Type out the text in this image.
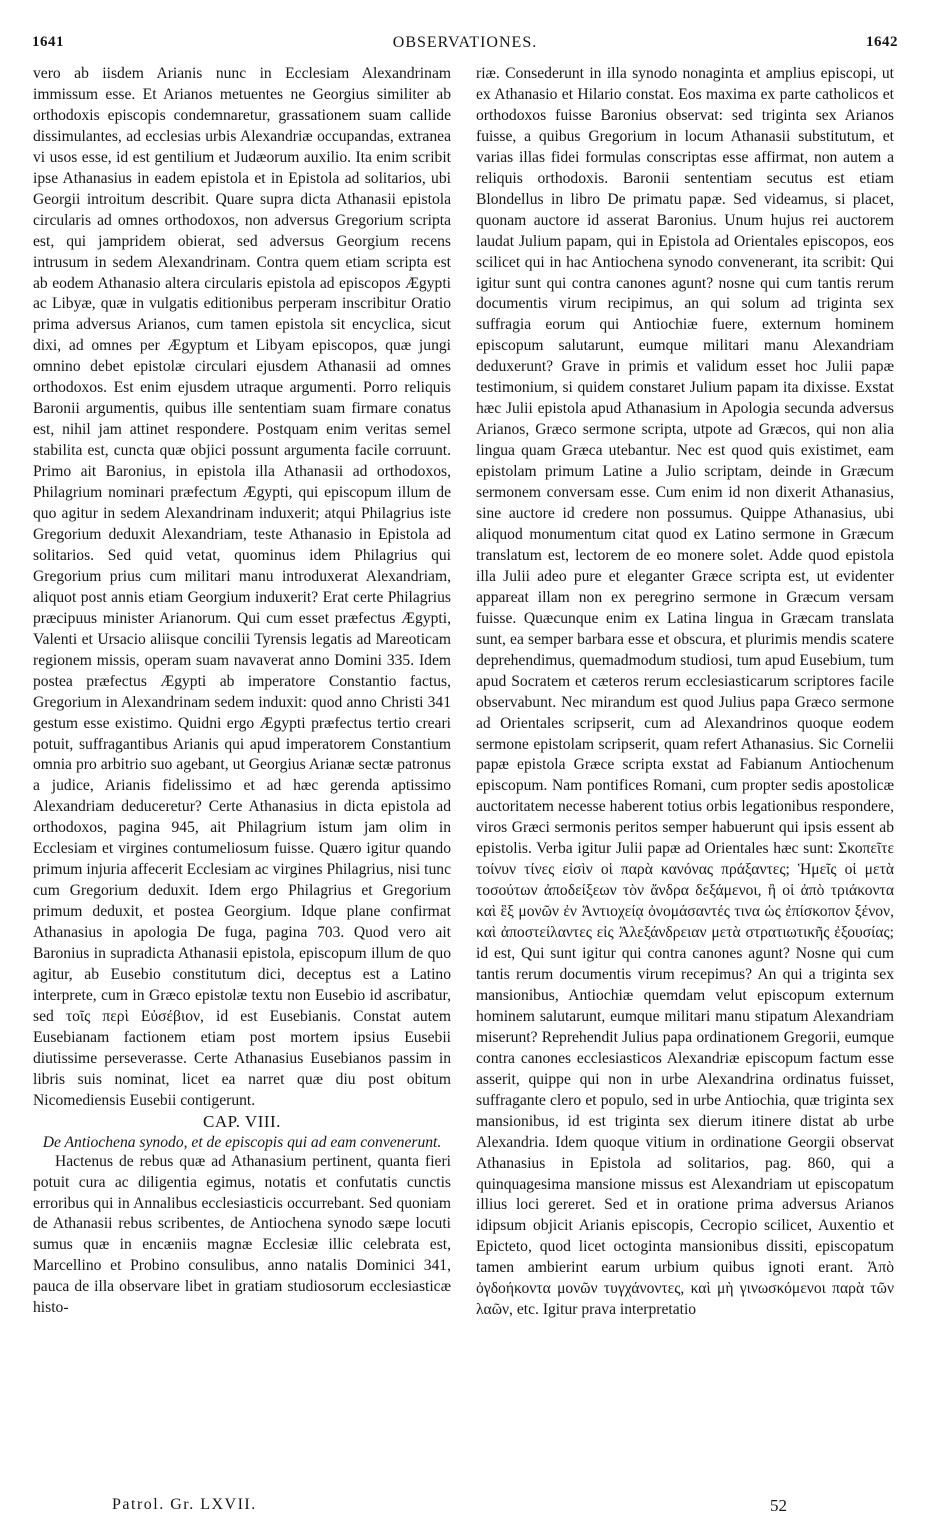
1641	OBSERVATIONES.	1642

vero ab iisdem Arianis nunc in Ecclesiam Alexandrinam immissum esse. Et Arianos metuentes ne Georgius similiter ab orthodoxis episcopis condemnaretur, grassationem suam callide dissimulantes, ad ecclesias urbis Alexandriæ occupandas, extranea vi usos esse, id est gentilium et Judæorum auxilio. Ita enim scribit ipse Athanasius in eadem epistola et in Epistola ad solitarios, ubi Georgii introitum describit. Quare supra dicta Athanasii epistola circularis ad omnes orthodoxos, non adversus Gregorium scripta est, qui jampridem obierat, sed adversus Georgium recens intrusum in sedem Alexandrinam. Contra quem etiam scripta est ab eodem Athanasio altera circularis epistola ad episcopos Ægypti ac Libyæ, quæ in vulgatis editionibus perperam inscribitur Oratio prima adversus Arianos, cum tamen epistola sit encyclica, sicut dixi, ad omnes per Ægyptum et Libyam episcopos, quæ jungi omnino debet epistolæ circulari ejusdem Athanasii ad omnes orthodoxos. Est enim ejusdem utraque argumenti. Porro reliquis Baronii argumentis, quibus ille sententiam suam firmare conatus est, nihil jam attinet respondere. Postquam enim veritas semel stabilita est, cuncta quæ objici possunt argumenta facile corruunt. Primo ait Baronius, in epistola illa Athanasii ad orthodoxos, Philagrium nominari præfectum Ægypti, qui episcopum illum de quo agitur in sedem Alexandrinam induxerit; atqui Philagrius iste Gregorium deduxit Alexandriam, teste Athanasio in Epistola ad solitarios. Sed quid vetat, quominus idem Philagrius qui Gregorium prius cum militari manu introduxerat Alexandriam, aliquot post annis etiam Georgium induxerit? Erat certe Philagrius præcipuus minister Arianorum. Qui cum esset præfectus Ægypti, Valenti et Ursacio aliisque concilii Tyrensis legatis ad Mareoticam regionem missis, operam suam navaverat anno Domini 335. Idem postea præfectus Ægypti ab imperatore Constantio factus, Gregorium in Alexandrinam sedem induxit: quod anno Christi 341 gestum esse existimo. Quidni ergo Ægypti præfectus tertio creari potuit, suffragantibus Arianis qui apud imperatorem Constantium omnia pro arbitrio suo agebant, ut Georgius Arianæ sectæ patronus a judice, Arianis fidelissimo et ad hæc gerenda aptissimo Alexandriam deduceretur? Certe Athanasius in dicta epistola ad orthodoxos, pagina 945, ait Philagrium istum jam olim in Ecclesiam et virgines contumeliosum fuisse. Quæro igitur quando primum injuria affecerit Ecclesiam ac virgines Philagrius, nisi tunc cum Gregorium deduxit. Idem ergo Philagrius et Gregorium primum deduxit, et postea Georgium. Idque plane confirmat Athanasius in apologia De fuga, pagina 703. Quod vero ait Baronius in supradicta Athanasii epistola, episcopum illum de quo agitur, ab Eusebio constitutum dici, deceptus est a Latino interprete, cum in Græco epistolæ textu non Eusebio id ascribatur, sed τοῖς περὶ Εὐσέβιον, id est Eusebianis. Constat autem Eusebianam factionem etiam post mortem ipsius Eusebii diutissime perseverasse. Certe Athanasius Eusebianos passim in libris suis nominat, licet ea narret quæ diu post obitum Nicomediensis Eusebii contigerunt.

CAP. VIII.

De Antiochena synodo, et de episcopis qui ad eam convenerunt.

Hactenus de rebus quæ ad Athanasium pertinent, quanta fieri potuit cura ac diligentia egimus, notatis et confutatis cunctis erroribus qui in Annalibus ecclesiasticis occurrebant. Sed quoniam de Athanasii rebus scribentes, de Antiochena synodo sæpe locuti sumus quæ in encæniis magnæ Ecclesiæ illic celebrata est, Marcellino et Probino consulibus, anno natalis Dominici 341, pauca de illa observare libet in gratiam studiosorum ecclesiasticæ histo-

riæ. Consederunt in illa synodo nonaginta et amplius episcopi, ut ex Athanasio et Hilario constat. Eos maxima ex parte catholicos et orthodoxos fuisse Baronius observat: sed triginta sex Arianos fuisse, a quibus Gregorium in locum Athanasii substitutum, et varias illas fidei formulas conscriptas esse affirmat, non autem a reliquis orthodoxis. Baronii sententiam secutus est etiam Blondellus in libro De primatu papæ. Sed videamus, si placet, quonam auctore id asserat Baronius. Unum hujus rei auctorem laudat Julium papam, qui in Epistola ad Orientales episcopos, eos scilicet qui in hac Antiochena synodo convenerant, ita scribit: Qui igitur sunt qui contra canones agunt? nosne qui cum tantis rerum documentis virum recipimus, an qui solum ad triginta sex suffragia eorum qui Antiochiæ fuere, externum hominem episcopum salutarunt, eumque militari manu Alexandriam deduxerunt? Grave in primis et validum esset hoc Julii papæ testimonium, si quidem constaret Julium papam ita dixisse. Exstat hæc Julii epistola apud Athanasium in Apologia secunda adversus Arianos, Græco sermone scripta, utpote ad Græcos, qui non alia lingua quam Græca utebantur. Nec est quod quis existimet, eam epistolam primum Latine a Julio scriptam, deinde in Græcum sermonem conversam esse. Cum enim id non dixerit Athanasius, sine auctore id credere non possumus. Quippe Athanasius, ubi aliquod monumentum citat quod ex Latino sermone in Græcum translatum est, lectorem de eo monere solet. Adde quod epistola illa Julii adeo pure et eleganter Græce scripta est, ut evidenter appareat illam non ex peregrino sermone in Græcum versam fuisse. Quæcunque enim ex Latina lingua in Græcam translata sunt, ea semper barbara esse et obscura, et plurimis mendis scatere deprehendimus, quemadmodum studiosi, tum apud Eusebium, tum apud Socratem et cæteros rerum ecclesiasticarum scriptores facile observabunt. Nec mirandum est quod Julius papa Græco sermone ad Orientales scripserit, cum ad Alexandrinos quoque eodem sermone epistolam scripserit, quam refert Athanasius. Sic Cornelii papæ epistola Græce scripta exstat ad Fabianum Antiochenum episcopum. Nam pontifices Romani, cum propter sedis apostolicæ auctoritatem necesse haberent totius orbis legationibus respondere, viros Græci sermonis peritos semper habuerunt qui ipsis essent ab epistolis. Verba igitur Julii papæ ad Orientales hæc sunt: Σκοπεῖτε τοίνυν τίνες εἰσὶν οἱ παρὰ κανόνας πράξαντες; Ἡμεῖς οἱ μετὰ τοσούτων ἀποδείξεων τὸν ἄνδρα δεξάμενοι, ἢ οἱ ἀπὸ τριάκοντα καὶ ἓξ μονῶν ἐν Ἀντιοχείᾳ ὀνομάσαντές τινα ὡς ἐπίσκοπον ξένον, καὶ ἀποστείλαντες εἰς Ἀλεξάνδρειαν μετὰ στρατιωτικῆς ἐξουσίας; id est, Qui sunt igitur qui contra canones agunt? Nosne qui cum tantis rerum documentis virum recepimus? An qui a triginta sex mansionibus, Antiochiæ quemdam velut episcopum externum hominem salutarunt, eumque militari manu stipatum Alexandriam miserunt? Reprehendit Julius papa ordinationem Gregorii, eumque contra canones ecclesiasticos Alexandriæ episcopum factum esse asserit, quippe qui non in urbe Alexandrina ordinatus fuisset, suffragante clero et populo, sed in urbe Antiochia, quæ triginta sex mansionibus, id est triginta sex dierum itinere distat ab urbe Alexandria. Idem quoque vitium in ordinatione Georgii observat Athanasius in Epistola ad solitarios, pag. 860, qui a quinquagesima mansione missus est Alexandriam ut episcopatum illius loci gereret. Sed et in oratione prima adversus Arianos idipsum objicit Arianis episcopis, Cecropio scilicet, Auxentio et Epicteto, quod licet octoginta mansionibus dissiti, episcopatum tamen ambierint earum urbium quibus ignoti erant. Ἀπὸ ὀγδοήκοντα μονῶν τυγχάνοντες, καὶ μὴ γινωσκόμενοι παρὰ τῶν λαῶν, etc. Igitur prava interpretatio

Patrol. Gr. LXVII.	52
